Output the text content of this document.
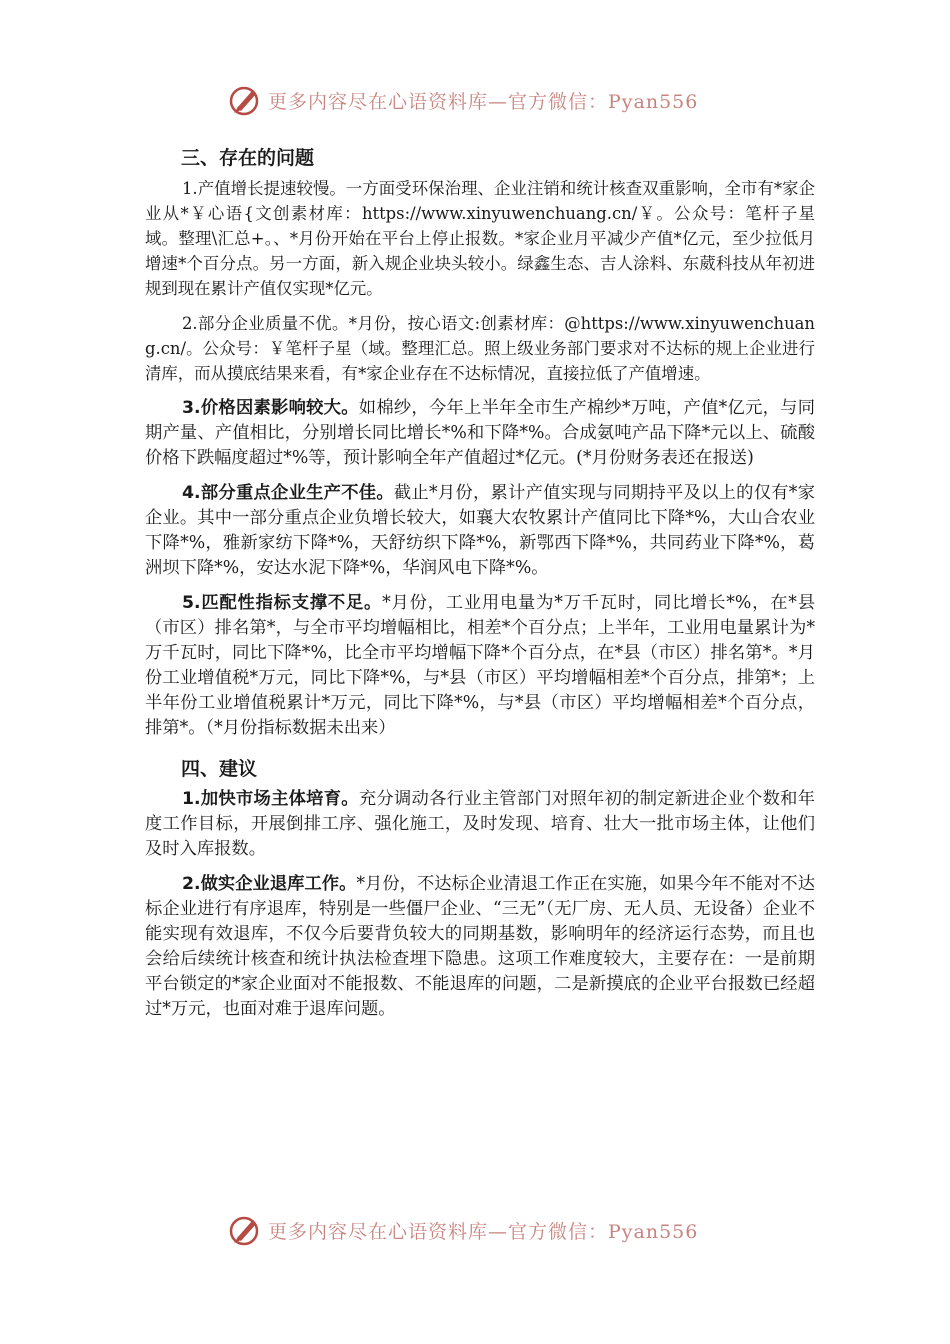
更多内容尽在心语资料库—官方微信：Pyan556
三、存在的问题

1.产值增长提速较慢。一方面受环保治理、企业注销和统计核查双重影响，全市有*家企业从*￥心语{文创素材库：https://www.xinyuwenchuang.cn/￥。公众号：笔杆子星域。整理\汇总+。、*月份开始在平台上停止报数。*家企业月平减少产值*亿元，至少拉低月增速*个百分点。另一方面，新入规企业块头较小。绿鑫生态、吉人涂料、东葳科技从年初进规到现在累计产值仅实现*亿元。

2.部分企业质量不优。*月份，按心语文:创素材库：@https://www.xinyuwenchuang.cn/。公众号：￥笔杆子星（域。整理汇总。照上级业务部门要求对不达标的规上企业进行清库，而从摸底结果来看，有*家企业存在不达标情况，直接拉低了产值增速。

3.价格因素影响较大。如棉纱，今年上半年全市生产棉纱*万吨，产值*亿元，与同期产量、产值相比，分别增长同比增长*%和下降*%。合成氨吨产品下降*元以上、硫酸价格下跌幅度超过*%等，预计影响全年产值超过*亿元。(*月份财务表还在报送)

4.部分重点企业生产不佳。截止*月份，累计产值实现与同期持平及以上的仅有*家企业。其中一部分重点企业负增长较大，如襄大农牧累计产值同比下降*%，大山合农业下降*%，雅新家纺下降*%，天舒纺织下降*%，新鄂西下降*%，共同药业下降*%，葛洲坝下降*%，安达水泥下降*%，华润风电下降*%。

5.匹配性指标支撑不足。*月份，工业用电量为*万千瓦时，同比增长*%，在*县（市区）排名第*，与全市平均增幅相比，相差*个百分点；上半年，工业用电量累计为*万千瓦时，同比下降*%，比全市平均增幅下降*个百分点，在*县（市区）排名第*。*月份工业增值税*万元，同比下降*%，与*县（市区）平均增幅相差*个百分点，排第*；上半年份工业增值税累计*万元，同比下降*%，与*县（市区）平均增幅相差*个百分点，排第*。（*月份指标数据未出来）

四、建议

1.加快市场主体培育。充分调动各行业主管部门对照年初的制定新进企业个数和年度工作目标，开展倒排工序、强化施工，及时发现、培育、壮大一批市场主体，让他们及时入库报数。

2.做实企业退库工作。*月份，不达标企业清退工作正在实施，如果今年不能对不达标企业进行有序退库，特别是一些僵尸企业、“三无”（无厂房、无人员、无设备）企业不能实现有效退库，不仅今后要背负较大的同期基数，影响明年的经济运行态势，而且也会给后续统计核查和统计执法检查埋下隐患。这项工作难度较大，主要存在：一是前期平台锁定的*家企业面对不能报数、不能退库的问题，二是新摸底的企业平台报数已经超过*万元，也面对难于退库问题。

更多内容尽在心语资料库—官方微信：Pyan556
